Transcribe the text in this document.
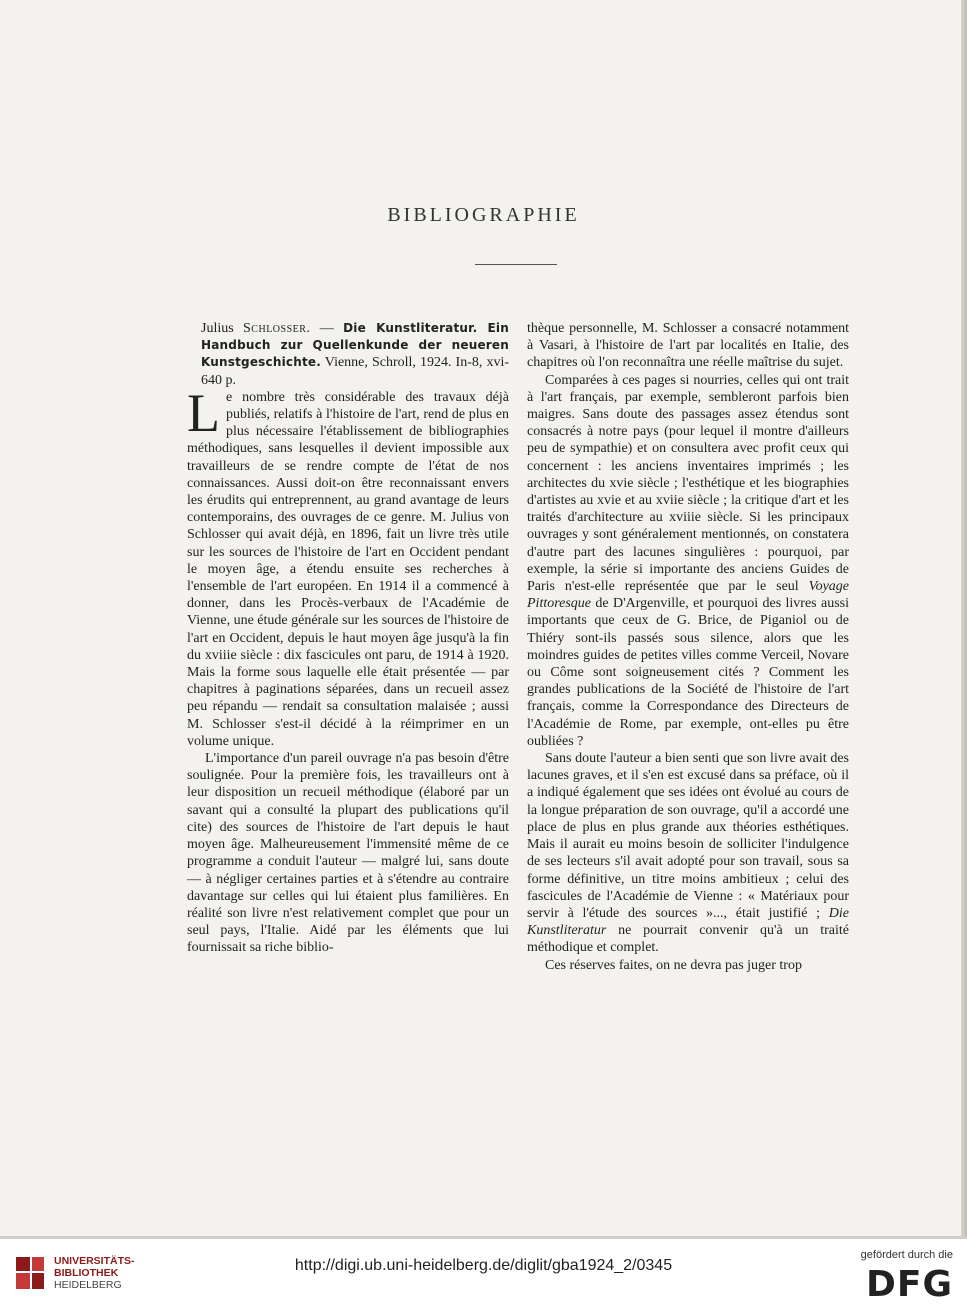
BIBLIOGRAPHIE

Julius Schlosser. — Die Kunstliteratur. Ein Handbuch zur Quellenkunde der neueren Kunstgeschichte. Vienne, Schroll, 1924. In-8, xvi-640 p.

Le nombre très considérable des travaux déjà publiés, relatifs à l'histoire de l'art, rend de plus en plus nécessaire l'établissement de bibliographies méthodiques, sans lesquelles il devient impossible aux travailleurs de se rendre compte de l'état de nos connaissances. Aussi doit-on être reconnaissant envers les érudits qui entreprennent, au grand avantage de leurs contemporains, des ouvrages de ce genre. M. Julius von Schlosser qui avait déjà, en 1896, fait un livre très utile sur les sources de l'histoire de l'art en Occident pendant le moyen âge, a étendu ensuite ses recherches à l'ensemble de l'art européen. En 1914 il a commencé à donner, dans les Procès-verbaux de l'Académie de Vienne, une étude générale sur les sources de l'histoire de l'art en Occident, depuis le haut moyen âge jusqu'à la fin du xviiie siècle : dix fascicules ont paru, de 1914 à 1920. Mais la forme sous laquelle elle était présentée — par chapitres à paginations séparées, dans un recueil assez peu répandu — rendait sa consultation malaisée ; aussi M. Schlosser s'est-il décidé à la réimprimer en un volume unique.

L'importance d'un pareil ouvrage n'a pas besoin d'être soulignée. Pour la première fois, les travailleurs ont à leur disposition un recueil méthodique (élaboré par un savant qui a consulté la plupart des publications qu'il cite) des sources de l'histoire de l'art depuis le haut moyen âge. Malheureusement l'immensité même de ce programme a conduit l'auteur — malgré lui, sans doute — à négliger certaines parties et à s'étendre au contraire davantage sur celles qui lui étaient plus familières. En réalité son livre n'est relativement complet que pour un seul pays, l'Italie. Aidé par les éléments que lui fournissait sa riche biblio-

thèque personnelle, M. Schlosser a consacré notamment à Vasari, à l'histoire de l'art par localités en Italie, des chapitres où l'on reconnaîtra une réelle maîtrise du sujet.

Comparées à ces pages si nourries, celles qui ont trait à l'art français, par exemple, sembleront parfois bien maigres. Sans doute des passages assez étendus sont consacrés à notre pays (pour lequel il montre d'ailleurs peu de sympathie) et on consultera avec profit ceux qui concernent : les anciens inventaires imprimés ; les architectes du xvie siècle ; l'esthétique et les biographies d'artistes au xvie et au xviie siècle ; la critique d'art et les traités d'architecture au xviiie siècle. Si les principaux ouvrages y sont généralement mentionnés, on constatera d'autre part des lacunes singulières : pourquoi, par exemple, la série si importante des anciens Guides de Paris n'est-elle représentée que par le seul Voyage Pittoresque de D'Argenville, et pourquoi des livres aussi importants que ceux de G. Brice, de Piganiol ou de Thiéry sont-ils passés sous silence, alors que les moindres guides de petites villes comme Verceil, Novare ou Côme sont soigneusement cités ? Comment les grandes publications de la Société de l'histoire de l'art français, comme la Correspondance des Directeurs de l'Académie de Rome, par exemple, ont-elles pu être oubliées ?

Sans doute l'auteur a bien senti que son livre avait des lacunes graves, et il s'en est excusé dans sa préface, où il a indiqué également que ses idées ont évolué au cours de la longue préparation de son ouvrage, qu'il a accordé une place de plus en plus grande aux théories esthétiques. Mais il aurait eu moins besoin de solliciter l'indulgence de ses lecteurs s'il avait adopté pour son travail, sous sa forme définitive, un titre moins ambitieux ; celui des fascicules de l'Académie de Vienne : « Matériaux pour servir à l'étude des sources »..., était justifié ; Die Kunstliteratur ne pourrait convenir qu'à un traité méthodique et complet.

Ces réserves faites, on ne devra pas juger trop

UNIVERSITÄTS-
BIBLIOTHEK
HEIDELBERG
http://digi.ub.uni-heidelberg.de/diglit/gba1924_2/0345
gefördert durch die
DFG
